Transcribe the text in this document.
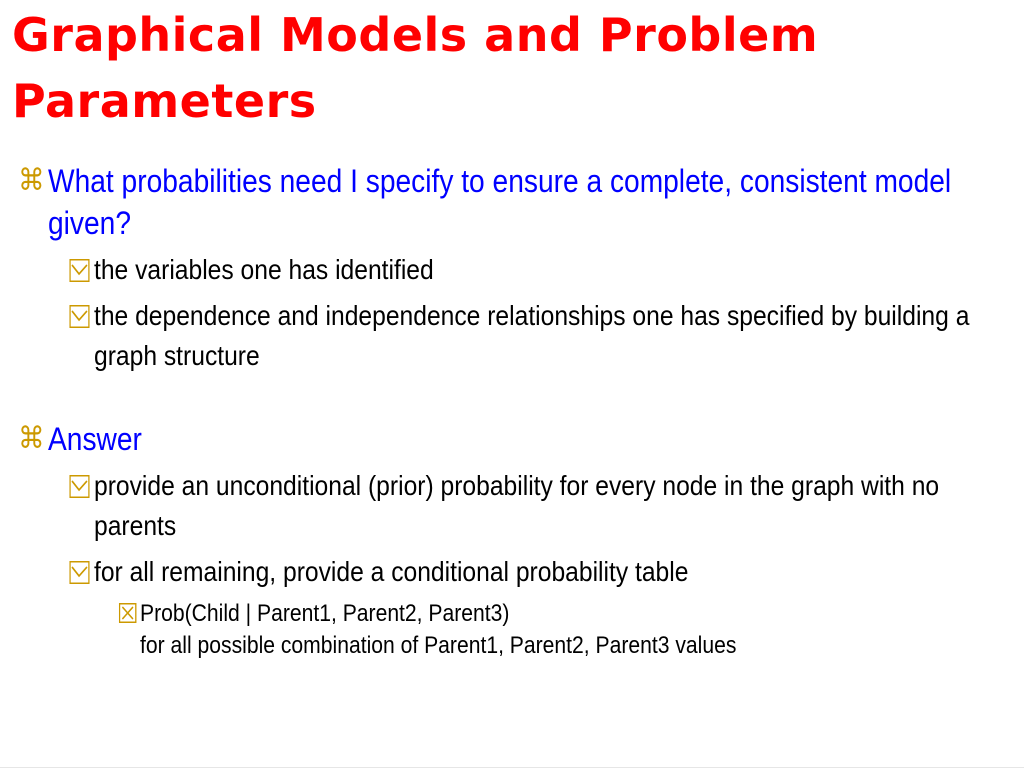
Graphical Models and Problem Parameters
⌘ What probabilities need I specify to ensure a complete, consistent model given?
the variables one has identified
the dependence and independence relationships one has specified by building a graph structure
⌘ Answer
provide an unconditional (prior) probability for every node in the graph with no parents
for all remaining, provide a conditional probability table
Prob(Child | Parent1, Parent2, Parent3)
for all possible combination of Parent1, Parent2, Parent3 values
